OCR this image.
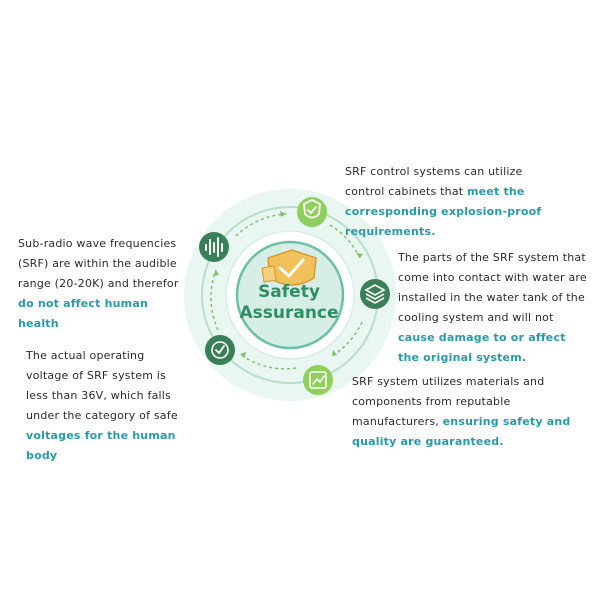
Safety
Assurance
SRF control systems can utilize control cabinets that meet the corresponding explosion-proof requirements.
Sub-radio wave frequencies (SRF) are within the audible range (20-20K) and therefor do not affect human health
The parts of the SRF system that come into contact with water are installed in the water tank of the cooling system and will not cause damage to or affect the original system.
The actual operating voltage of SRF system is less than 36V, which falls under the category of safe voltages for the human body
SRF system utilizes materials and components from reputable manufacturers, ensuring safety and quality are guaranteed.
